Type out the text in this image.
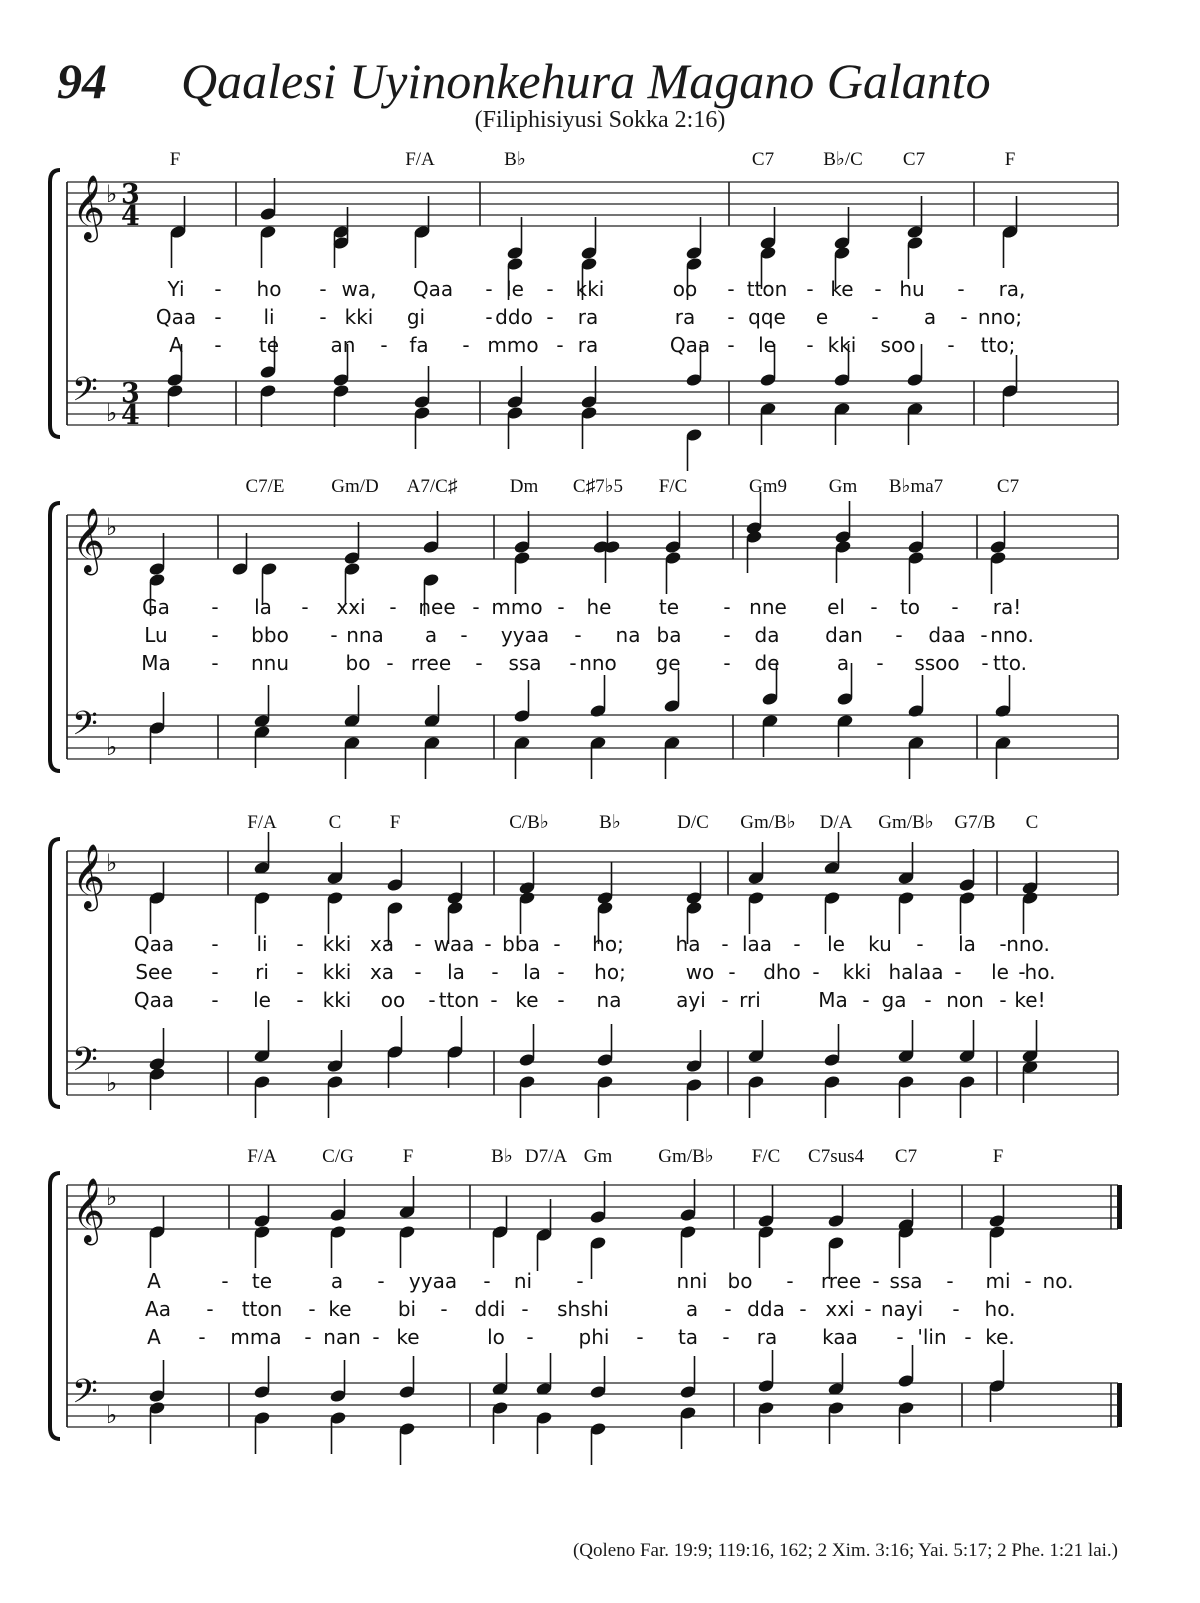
94 Qaalesi Uyinonkehura Magano Galanto
(Filiphisiyusi Sokka 2:16)
F	F/A	B♭	C7	B♭/C C7	F
Yi - ho - wa, Qaa - le - kki	oo - tton - ke - hu - ra,
Qaa - li - kki gi	- ddo - ra	ra - qqe e - a - nno;
A - te	an - fa - mmo - ra	Qaa - le - kki soo - tto;
𝄞 ♭ 3
4
𝄢 ♭
3
4
C7/E Gm/D A7/C♯	Dm C♯7♭5 F/C	Gm9 Gm B♭ma7	C7
Ga - la - xxi - nee - mmo - he te - nne el - to - ra!
Lu - bbo - nna a - yyaa - na ba - da dan - daa - nno.
Ma - nnu	bo - rree - ssa - nno ge - de	a - ssoo - tto.
𝄞 ♭
𝄢 ♭
F/A	C	F	C/B♭	B♭	D/C Gm/B♭ D/A Gm/B♭ G7/B C
Qaa - li - kki xa - waa - bba - ho;	ha - laa - le ku - la - nno.
See - ri - kki xa - la - la - ho;	wo - dho - kki halaa - le -
ho.
Qaa - le - kki oo - tton - ke - na	ayi - rri	Ma - ga - non - ke!
𝄞 ♭
𝄢 ♭
F/A C/G	F	B♭ D7/A Gm Gm/B♭ F/C C7sus4 C7	F
A	- te	a - yyaa - ni -	nni bo - rree - ssa - mi - no.
Aa - tton - ke bi - ddi - shshi	a - dda - xxi - nayi - ho.
A - mma - nan - ke	lo - phi - ta - ra kaa - 'lin - ke.
𝄞 ♭
𝄢 ♭
(Qoleno Far. 19:9; 119:16, 162; 2 Xim. 3:16; Yai. 5:17; 2 Phe. 1:21 lai.)
